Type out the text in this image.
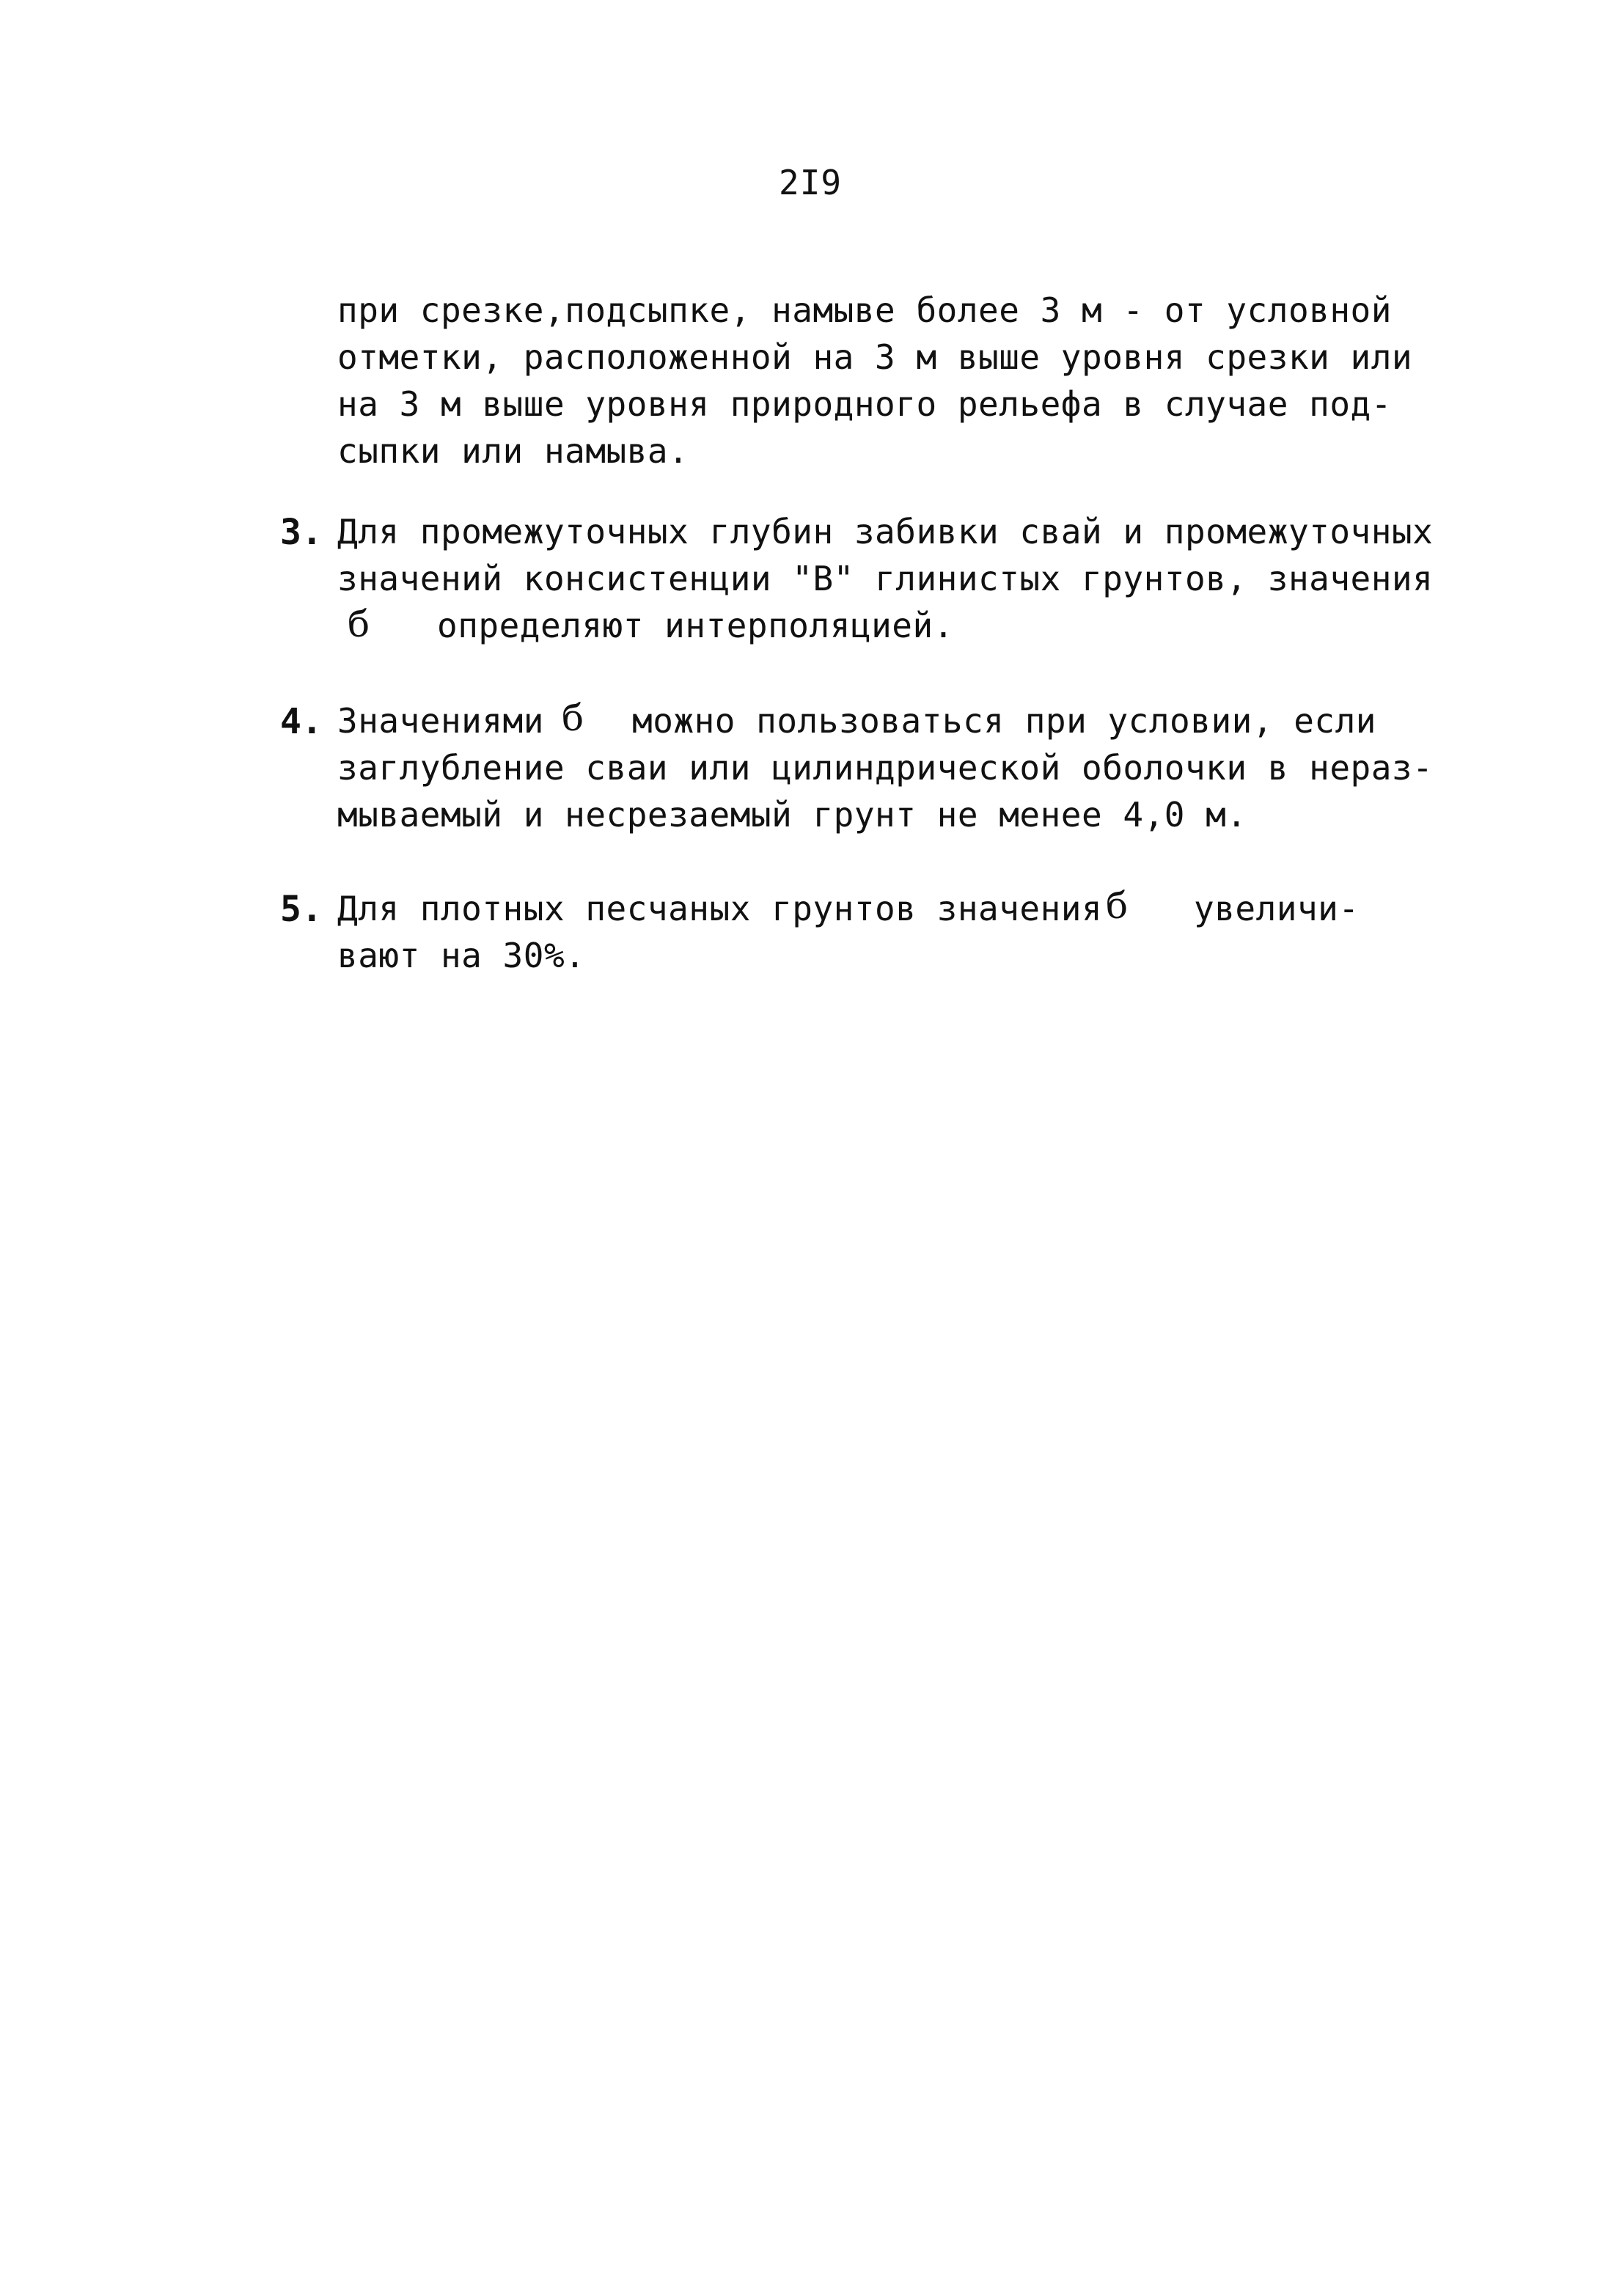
2I9
при срезке,подсыпке, намыве более 3 м - от условной
отметки, расположенной на 3 м выше уровня срезки или
на 3 м выше уровня природного рельефа в случае под-
сыпки или намыва.
3. Для промежуточных глубин забивки свай и промежуточных
значений консистенции "В" глинистых грунтов, значения
б определяют интерполяцией.
4. Значениями б можно пользоваться при условии, если
заглубление сваи или цилиндрической оболочки в нераз-
мываемый и несрезаемый грунт не менее 4,0 м.
5. Для плотных песчаных грунтов значения б увеличи-
вают на 30%.
